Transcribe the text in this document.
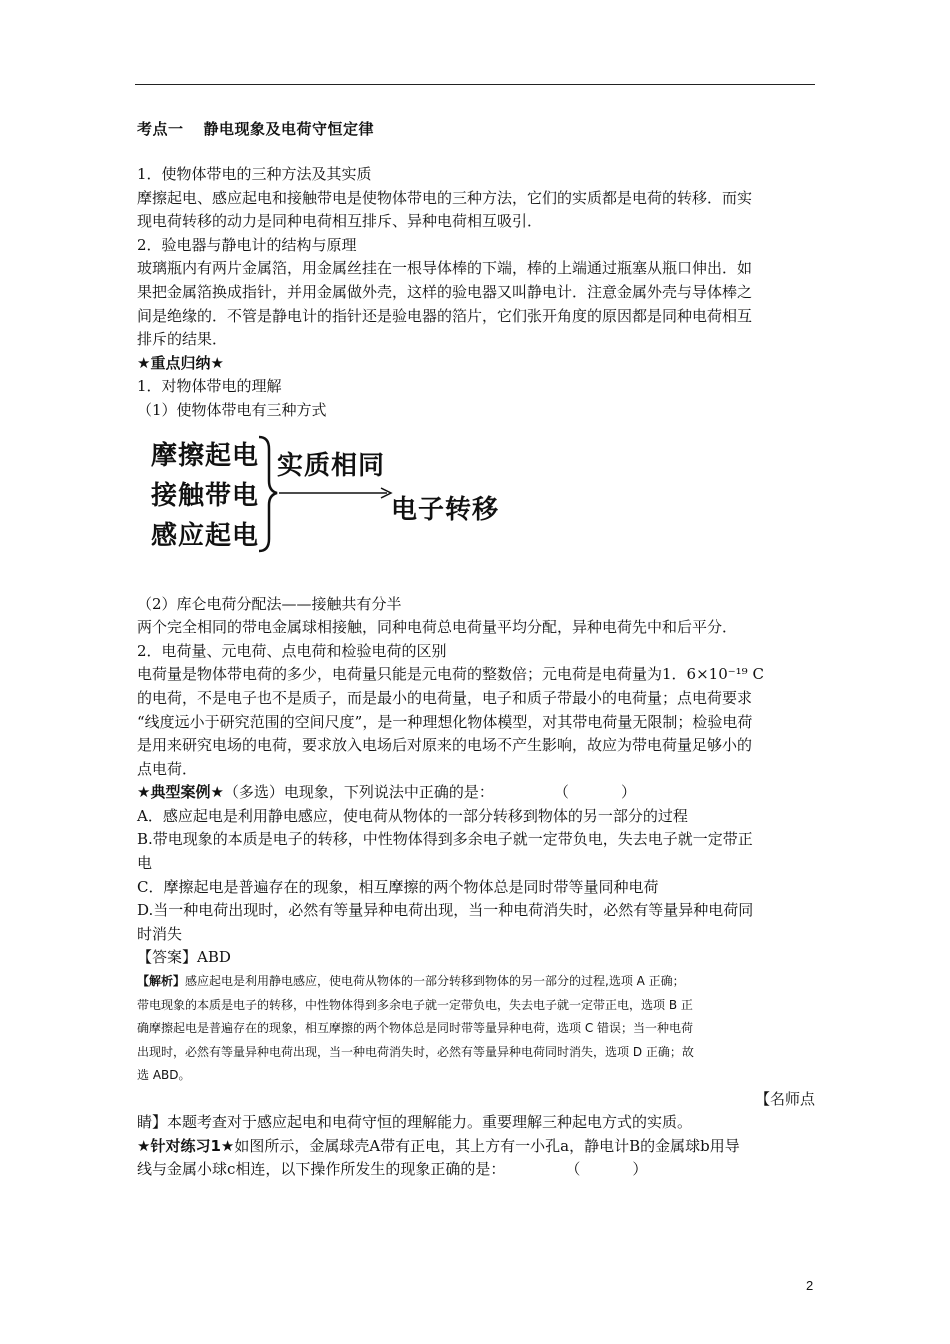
考点一 静电现象及电荷守恒定律
1．使物体带电的三种方法及其实质
摩擦起电、感应起电和接触带电是使物体带电的三种方法，它们的实质都是电荷的转移．而实
现电荷转移的动力是同种电荷相互排斥、异种电荷相互吸引．
2．验电器与静电计的结构与原理
玻璃瓶内有两片金属箔，用金属丝挂在一根导体棒的下端，棒的上端通过瓶塞从瓶口伸出．如
果把金属箔换成指针，并用金属做外壳，这样的验电器又叫静电计．注意金属外壳与导体棒之
间是绝缘的．不管是静电计的指针还是验电器的箔片，它们张开角度的原因都是同种电荷相互
排斥的结果．
★重点归纳★
1．对物体带电的理解
（1）使物体带电有三种方式
摩擦起电
接触带电
感应起电
实质相同
电子转移
（2）库仑电荷分配法——接触共有分半
两个完全相同的带电金属球相接触，同种电荷总电荷量平均分配，异种电荷先中和后平分．
2．电荷量、元电荷、点电荷和检验电荷的区别
电荷量是物体带电荷的多少，电荷量只能是元电荷的整数倍；元电荷是电荷量为1．6×10⁻¹⁹ C
的电荷，不是电子也不是质子，而是最小的电荷量，电子和质子带最小的电荷量；点电荷要求
“线度远小于研究范围的空间尺度”，是一种理想化物体模型，对其带电荷量无限制；检验电荷
是用来研究电场的电荷，要求放入电场后对原来的电场不产生影响，故应为带电荷量足够小的
点电荷．
★典型案例★（多选）电现象，下列说法中正确的是：	（	）
A．感应起电是利用静电感应，使电荷从物体的一部分转移到物体的另一部分的过程
B.带电现象的本质是电子的转移，中性物体得到多余电子就一定带负电，失去电子就一定带正
电
C．摩擦起电是普遍存在的现象，相互摩擦的两个物体总是同时带等量同种电荷
D.当一种电荷出现时，必然有等量异种电荷出现，当一种电荷消失时，必然有等量异种电荷同
时消失
【答案】ABD
【解析】感应起电是利用静电感应，使电荷从物体的一部分转移到物体的另一部分的过程,选项 A 正确；
带电现象的本质是电子的转移，中性物体得到多余电子就一定带负电，失去电子就一定带正电，选项 B 正
确摩擦起电是普遍存在的现象，相互摩擦的两个物体总是同时带等量异种电荷，选项 C 错误；当一种电荷
出现时，必然有等量异种电荷出现，当一种电荷消失时，必然有等量异种电荷同时消失，选项 D 正确；故
选 ABD。
【名师点
睛】本题考查对于感应起电和电荷守恒的理解能力。重要理解三种起电方式的实质。
★针对练习1★如图所示，金属球壳A带有正电，其上方有一小孔a，静电计B的金属球b用导
线与金属小球c相连，以下操作所发生的现象正确的是：	（	）
2
